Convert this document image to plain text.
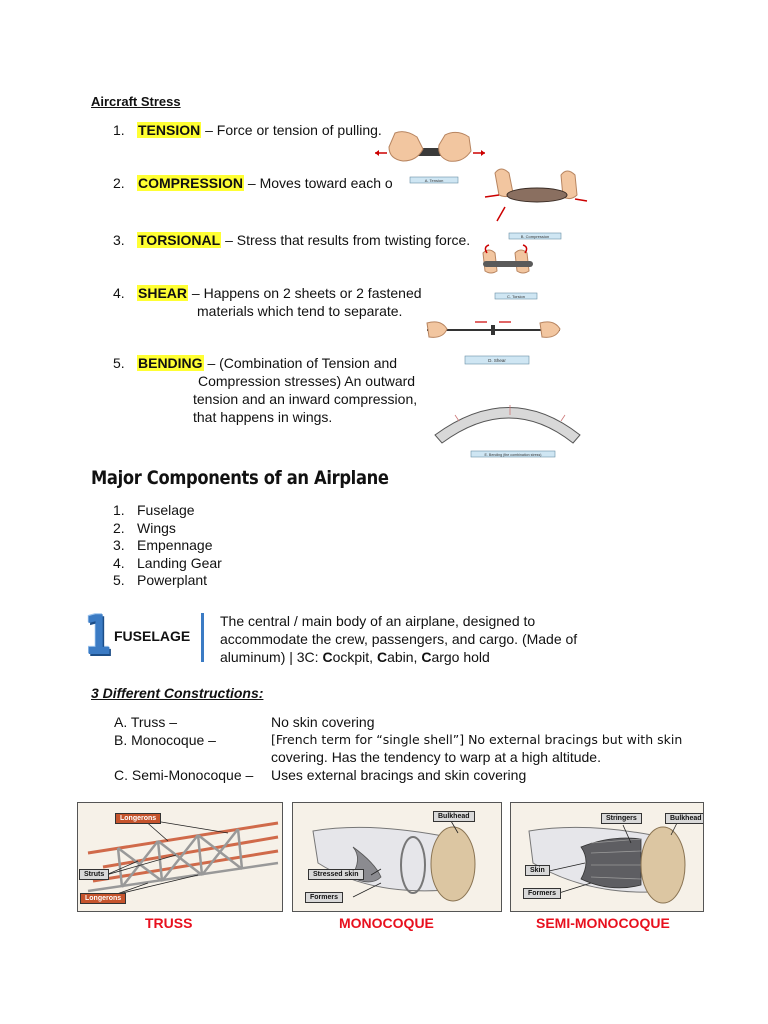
Aircraft Stress
1. TENSION – Force or tension of pulling.
2. COMPRESSION – Moves toward each o
3. TORSIONAL – Stress that results from twisting force.
4. SHEAR – Happens on 2 sheets or 2 fastened
materials which tend to separate.
5. BENDING – (Combination of Tension and
Compression stresses) An outward
tension and an inward compression,
that happens in wings.
A. Tension
B. Compression
C. Torsion
D. Shear
E. Bending (the combination stress)
Major Components of an Airplane
1. Fuselage
2. Wings
3. Empennage
4. Landing Gear
5. Powerplant
1 FUSELAGE
The central / main body of an airplane, designed to
accommodate the crew, passengers, and cargo. (Made of
aluminum) | 3C: Cockpit, Cabin, Cargo hold
3 Different Constructions:
A. Truss –	No skin covering
B. Monocoque –	[French term for “single shell”] No external bracings but with skin
covering. Has the tendency to warp at a high altitude.
C. Semi-Monocoque – Uses external bracings and skin covering
Longerons
Struts
Longerons
TRUSS
Bulkhead
Stressed skin
Formers
MONOCOQUE
Stringers	Bulkhead
Skin
Formers
SEMI-MONOCOQUE
